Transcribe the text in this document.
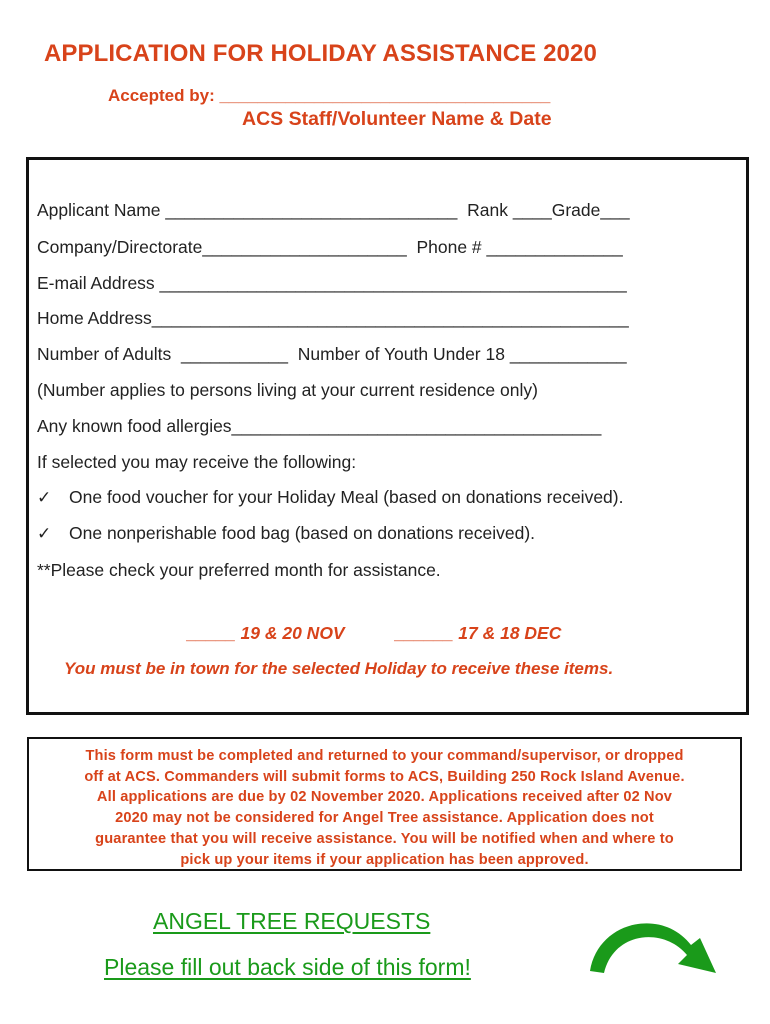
APPLICATION FOR HOLIDAY ASSISTANCE 2020
Accepted by: ___________________________________
ACS Staff/Volunteer Name & Date
Applicant Name ______________________________  Rank ____Grade___
Company/Directorate_____________________  Phone # ______________
E-mail Address ________________________________________________
Home Address_________________________________________________
Number of Adults  ___________  Number of Youth Under 18 ____________
(Number applies to persons living at your current residence only)
Any known food allergies______________________________________
If selected you may receive the following:
✓ One food voucher for your Holiday Meal (based on donations received).
✓ One nonperishable food bag (based on donations received).
**Please check your preferred month for assistance.
_____ 19 & 20 NOV	______ 17 & 18 DEC
You must be in town for the selected Holiday to receive these items.

This form must be completed and returned to your command/supervisor, or dropped

off at ACS. Commanders will submit forms to ACS, Building 250 Rock Island Avenue.

All applications are due by 02 November 2020. Applications received after 02 Nov

2020 may not be considered for Angel Tree assistance. Application does not

guarantee that you will receive assistance. You will be notified when and where to

pick up your items if your application has been approved.

ANGEL TREE REQUESTS
Please fill out back side of this form!
